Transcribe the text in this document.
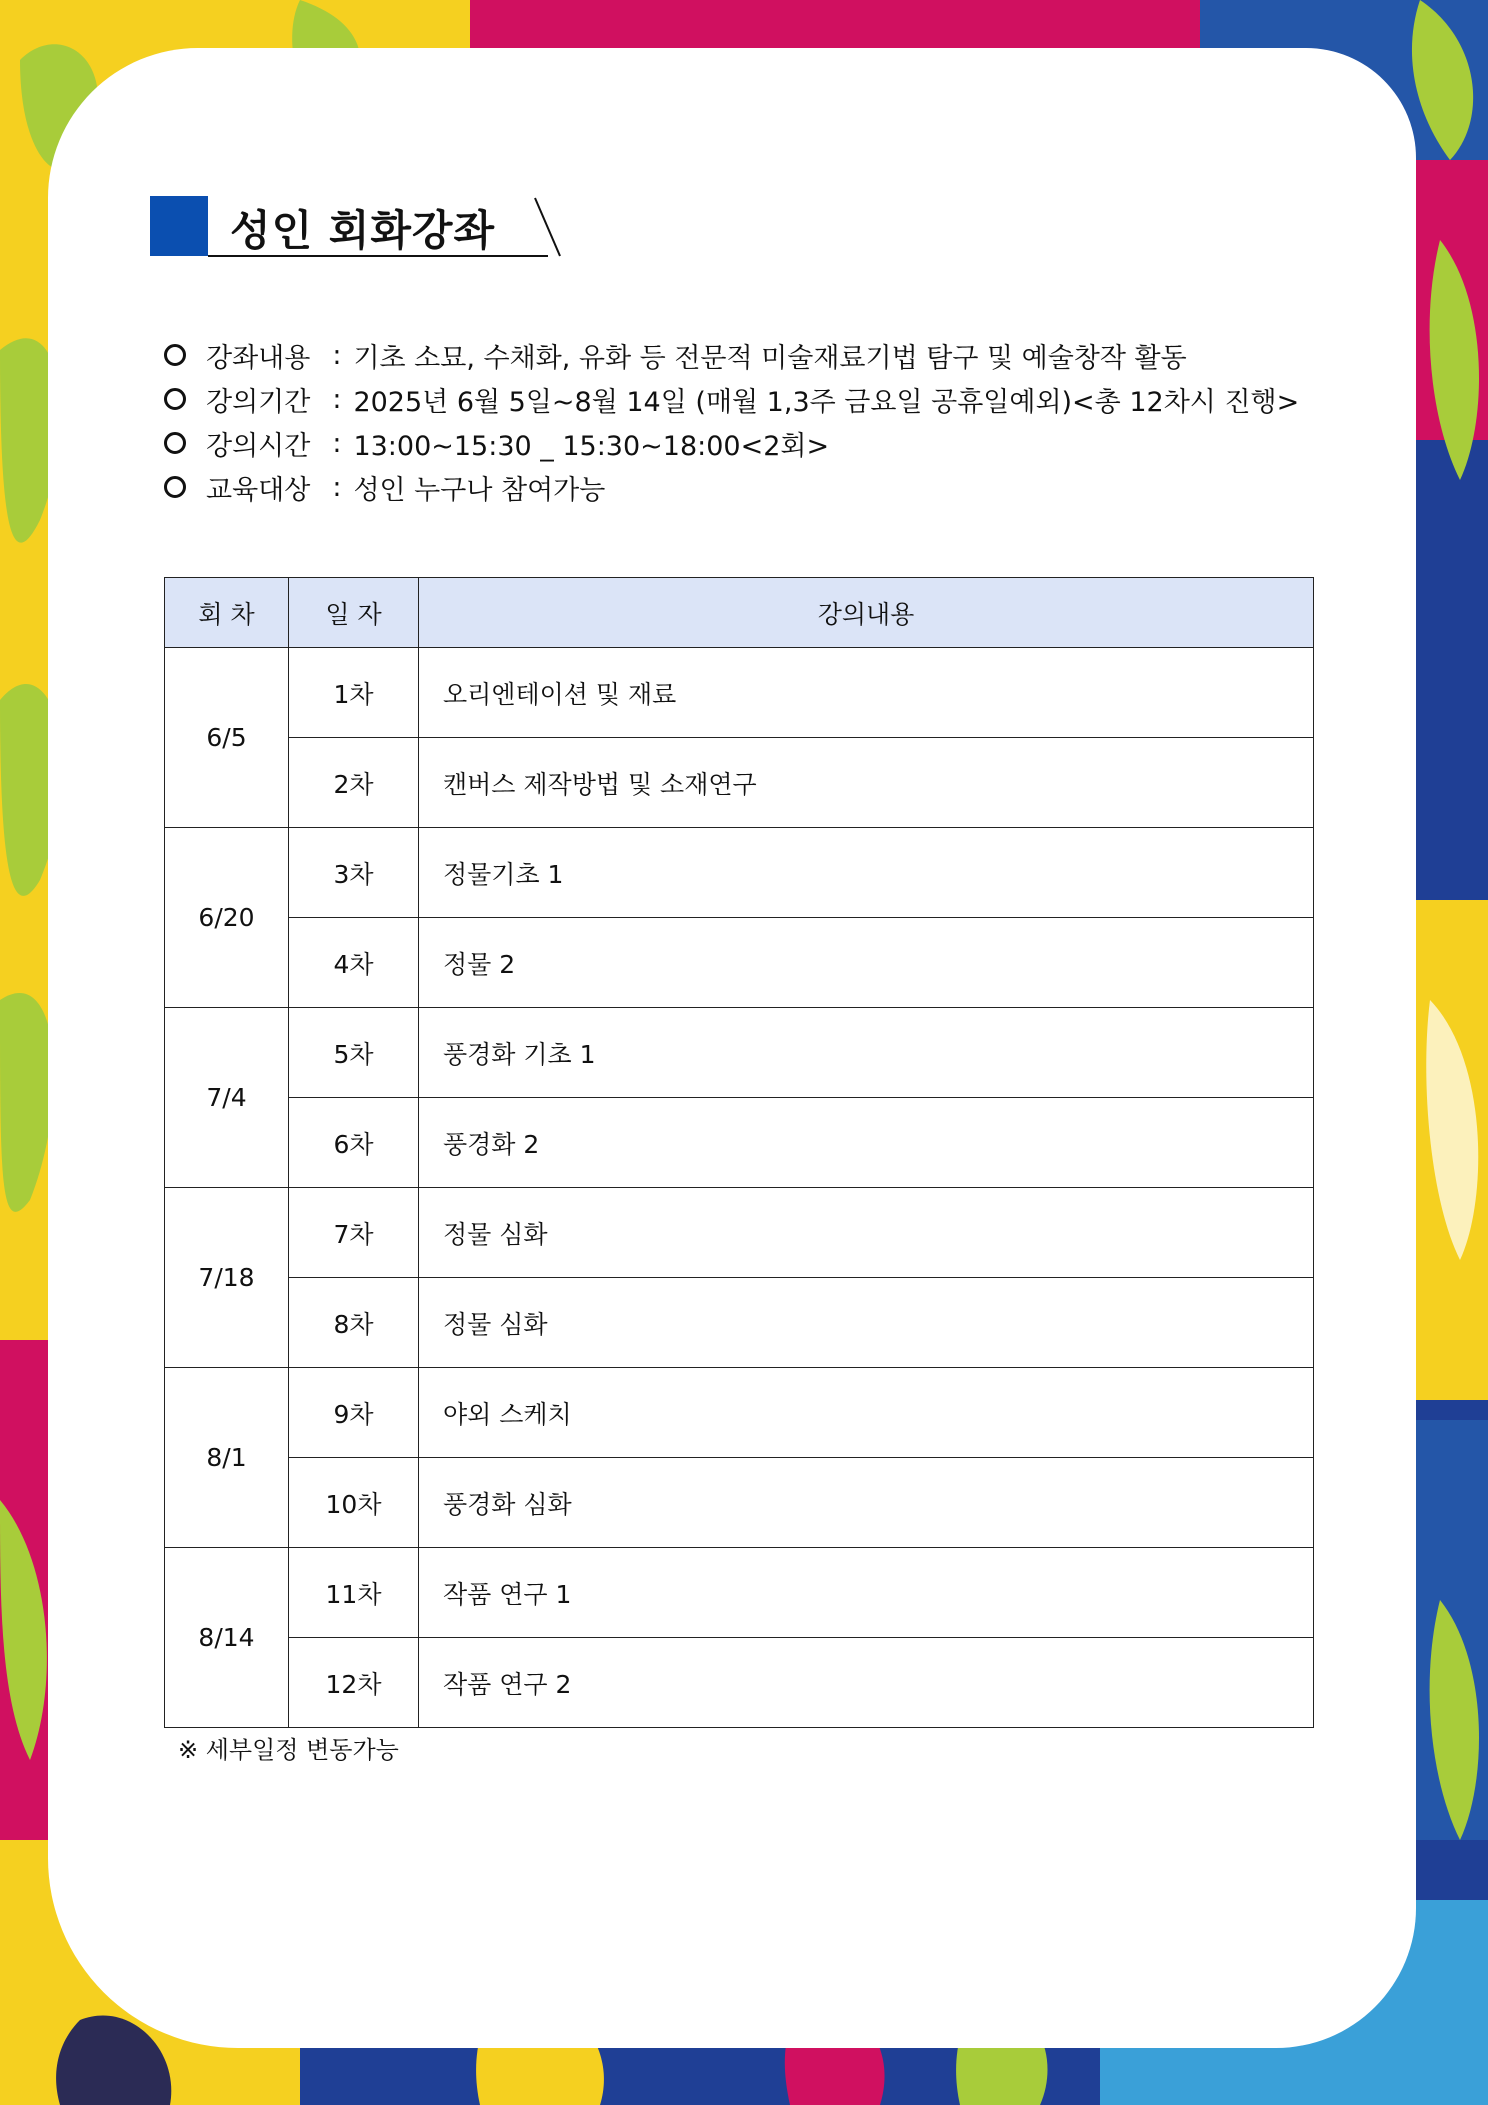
성인 회화강좌
강좌내용 : 기초 소묘, 수채화, 유화 등 전문적 미술재료기법 탐구 및 예술창작 활동
강의기간 : 2025년 6월 5일~8월 14일 (매월 1,3주 금요일 공휴일예외)<총 12차시 진행>
강의시간 : 13:00~15:30 _ 15:30~18:00<2회>
교육대상 : 성인 누구나 참여가능
회 차	일 자	강의내용
6/5	1차	오리엔테이션 및 재료
	2차	캔버스 제작방법 및 소재연구
6/20	3차	정물기초 1
	4차	정물 2
7/4	5차	풍경화 기초 1
	6차	풍경화 2
7/18	7차	정물 심화
	8차	정물 심화
8/1	9차	야외 스케치
	10차	풍경화 심화
8/14	11차	작품 연구 1
	12차	작품 연구 2
※ 세부일정 변동가능
